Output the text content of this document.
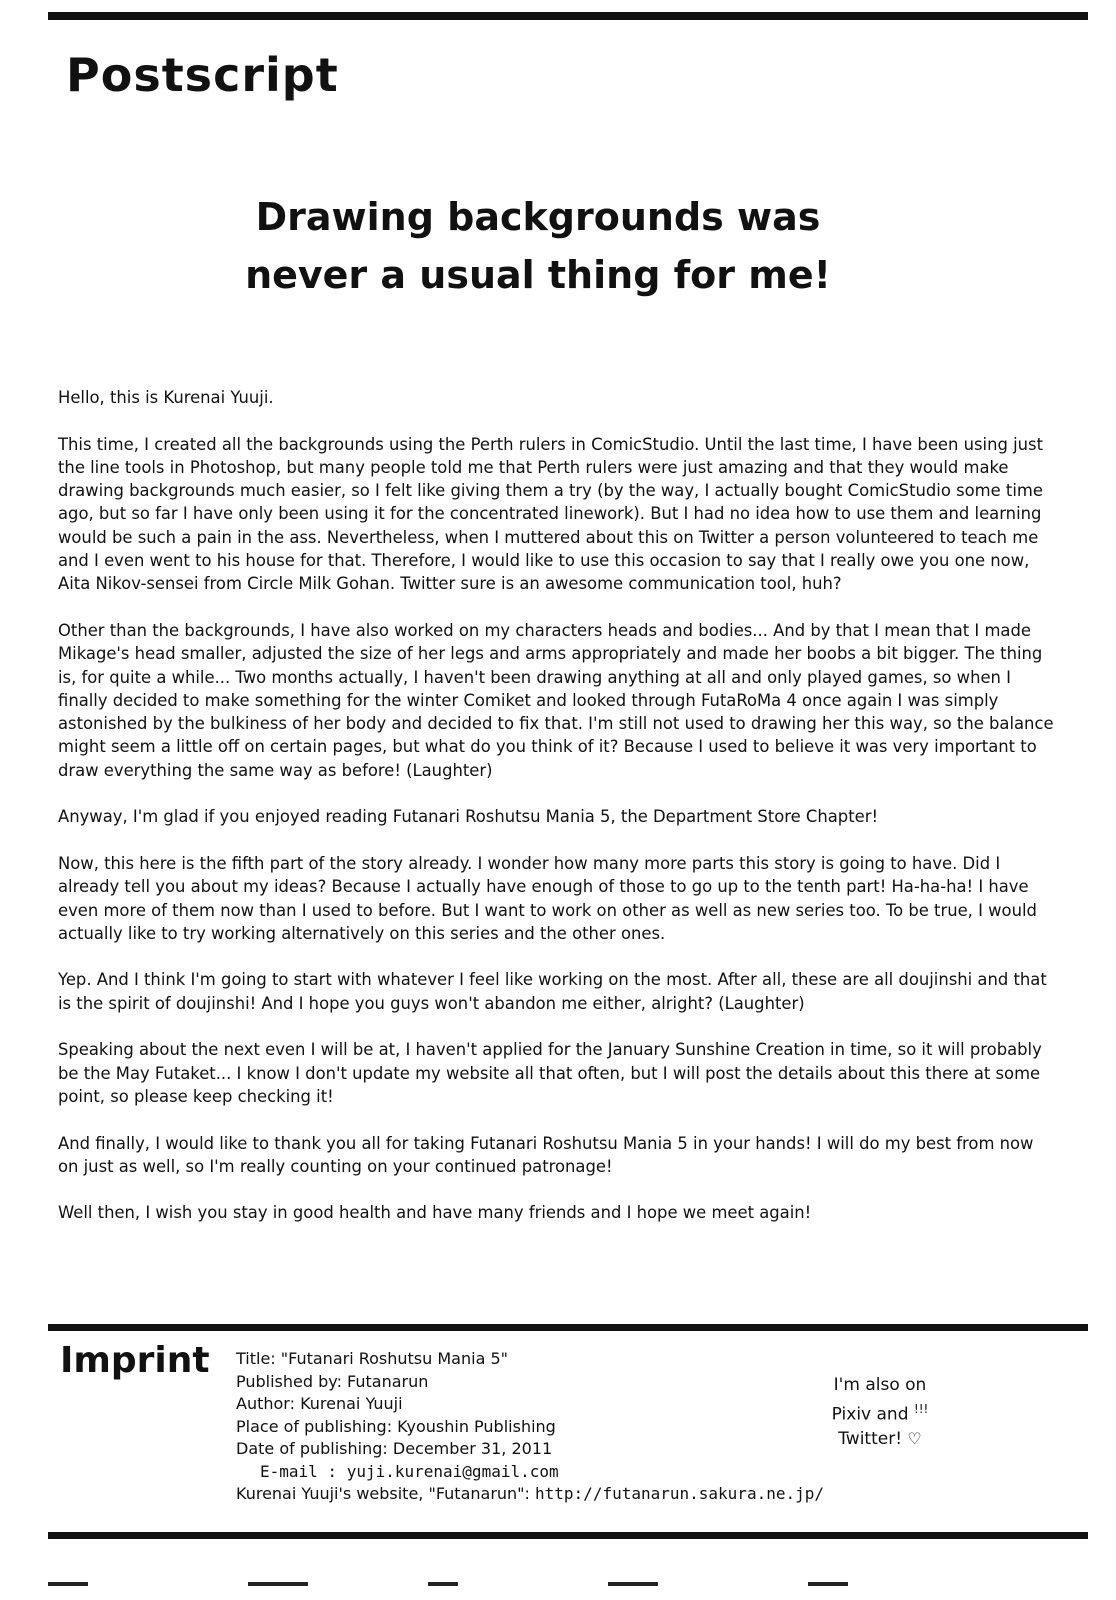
Postscript
Drawing backgrounds was
never a usual thing for me!

Hello, this is Kurenai Yuuji.

This time, I created all the backgrounds using the Perth rulers in ComicStudio. Until the last time, I have been using just the line tools in Photoshop, but many people told me that Perth rulers were just amazing and that they would make drawing backgrounds much easier, so I felt like giving them a try (by the way, I actually bought ComicStudio some time ago, but so far I have only been using it for the concentrated linework). But I had no idea how to use them and learning would be such a pain in the ass. Nevertheless, when I muttered about this on Twitter a person volunteered to teach me and I even went to his house for that. Therefore, I would like to use this occasion to say that I really owe you one now, Aita Nikov-sensei from Circle Milk Gohan. Twitter sure is an awesome communication tool, huh?

Other than the backgrounds, I have also worked on my characters heads and bodies... And by that I mean that I made Mikage's head smaller, adjusted the size of her legs and arms appropriately and made her boobs a bit bigger. The thing is, for quite a while... Two months actually, I haven't been drawing anything at all and only played games, so when I finally decided to make something for the winter Comiket and looked through FutaRoMa 4 once again I was simply astonished by the bulkiness of her body and decided to fix that. I'm still not used to drawing her this way, so the balance might seem a little off on certain pages, but what do you think of it? Because I used to believe it was very important to draw everything the same way as before! (Laughter)

Anyway, I'm glad if you enjoyed reading Futanari Roshutsu Mania 5, the Department Store Chapter!

Now, this here is the fifth part of the story already. I wonder how many more parts this story is going to have. Did I already tell you about my ideas? Because I actually have enough of those to go up to the tenth part! Ha-ha-ha! I have even more of them now than I used to before. But I want to work on other as well as new series too. To be true, I would actually like to try working alternatively on this series and the other ones.

Yep. And I think I'm going to start with whatever I feel like working on the most. After all, these are all doujinshi and that is the spirit of doujinshi! And I hope you guys won't abandon me either, alright? (Laughter)

Speaking about the next even I will be at, I haven't applied for the January Sunshine Creation in time, so it will probably be the May Futaket... I know I don't update my website all that often, but I will post the details about this there at some point, so please keep checking it!

And finally, I would like to thank you all for taking Futanari Roshutsu Mania 5 in your hands! I will do my best from now on just as well, so I'm really counting on your continued patronage!

Well then, I wish you stay in good health and have many friends and I hope we meet again!

Imprint Title: "Futanari Roshutsu Mania 5"
Published by: Futanarun
Author: Kurenai Yuuji
Place of publishing: Kyoushin Publishing
Date of publishing: December 31, 2011
E-mail : yuji.kurenai@gmail.com
Kurenai Yuuji's website, "Futanarun": http://futanarun.sakura.ne.jp/
I'm also on
Pixiv and !!!
Twitter! ♡
